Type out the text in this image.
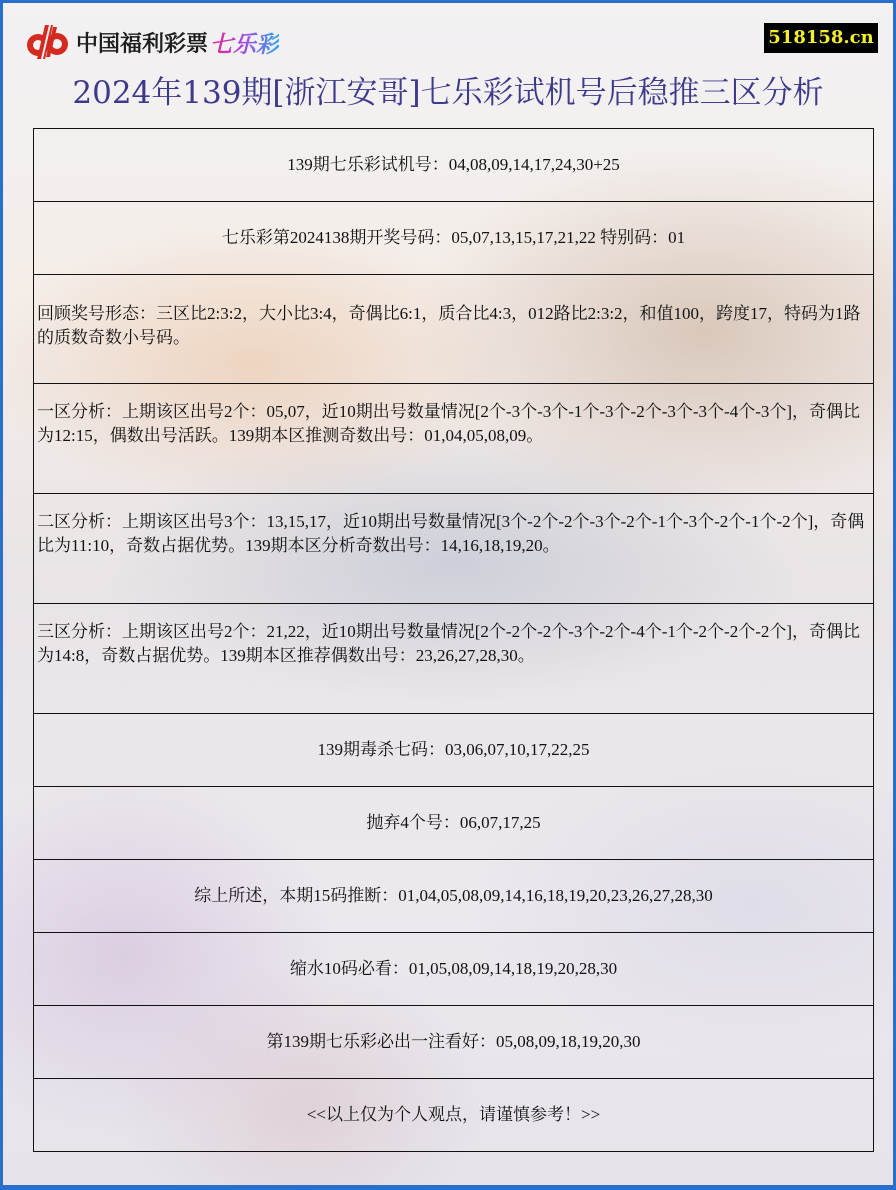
中国福利彩票 七乐彩	518158.cn
2024年139期[浙江安哥]七乐彩试机号后稳推三区分析
139期七乐彩试机号：04,08,09,14,17,24,30+25
七乐彩第2024138期开奖号码：05,07,13,15,17,21,22 特别码：01

回顾奖号形态：三区比2:3:2，大小比3:4，奇偶比6:1，质合比4:3，012路比2:3:2，和值100，跨度17，特码为1路的质数奇数小号码。

一区分析：上期该区出号2个：05,07，近10期出号数量情况[2个-3个-3个-1个-3个-2个-3个-3个-4个-3个]，奇偶比为12:15，偶数出号活跃。139期本区推测奇数出号：01,04,05,08,09。

二区分析：上期该区出号3个：13,15,17，近10期出号数量情况[3个-2个-2个-3个-2个-1个-3个-2个-1个-2个]，奇偶比为11:10，奇数占据优势。139期本区分析奇数出号：14,16,18,19,20。

三区分析：上期该区出号2个：21,22，近10期出号数量情况[2个-2个-2个-3个-2个-4个-1个-2个-2个-2个]，奇偶比为14:8，奇数占据优势。139期本区推荐偶数出号：23,26,27,28,30。

139期毒杀七码：03,06,07,10,17,22,25
抛弃4个号：06,07,17,25
综上所述，本期15码推断：01,04,05,08,09,14,16,18,19,20,23,26,27,28,30
缩水10码必看：01,05,08,09,14,18,19,20,28,30
第139期七乐彩必出一注看好：05,08,09,18,19,20,30
<<以上仅为个人观点，请谨慎参考！>>
